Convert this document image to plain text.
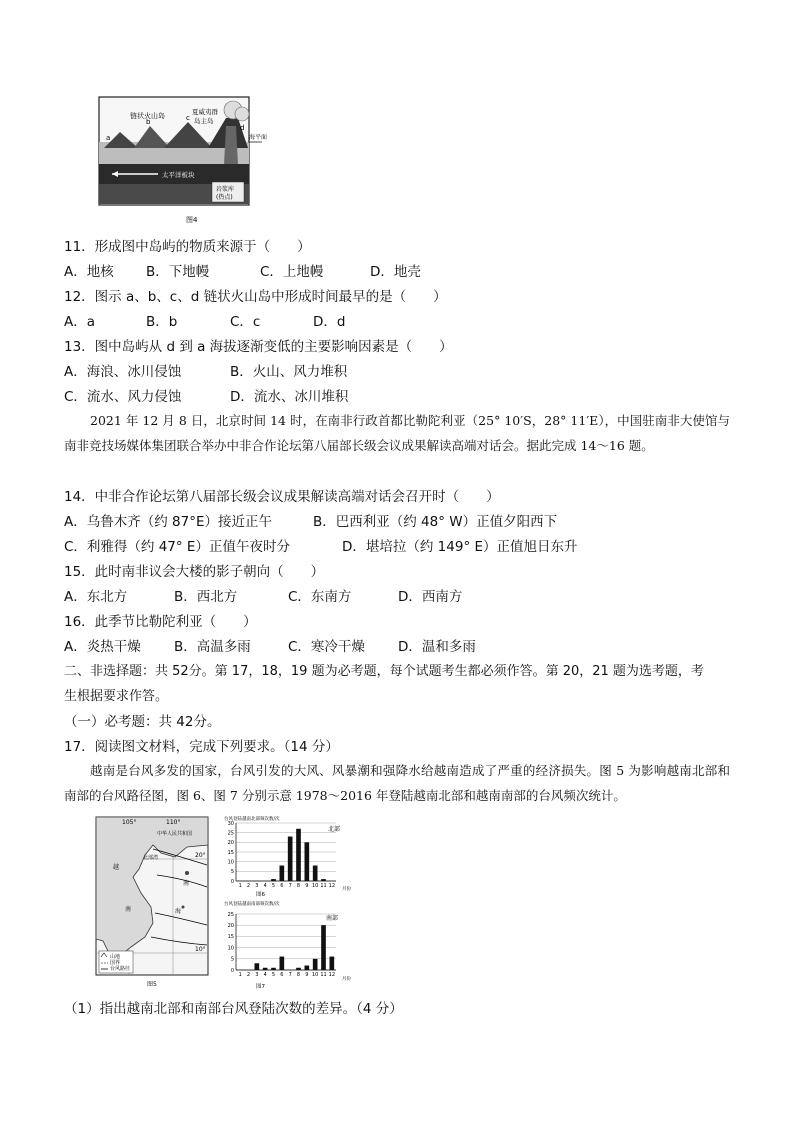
海平面
链状火山岛	夏威夷群
岛主岛
a
b	c
d
太平洋板块
岩浆库
(热点)
图4
11．形成图中岛屿的物质来源于（　　）
A．地核 B．下地幔	C．上地幔	D．地壳
12．图示 a、b、c、d 链状火山岛中形成时间最早的是（　　）
A．a	B．b	C．c	D．d
13．图中岛屿从 d 到 a 海拔逐渐变低的主要影响因素是（　　）
A．海浪、冰川侵蚀	B．火山、风力堆积
C．流水、风力侵蚀	D．流水、冰川堆积
2021 年 12 月 8 日，北京时间 14 时，在南非行政首都比勒陀利亚（25° 10′S，28° 11′E），中国驻南非大使馆与南非竞技场媒体集团联合举办中非合作论坛第八届部长级会议成果解读高端对话会。据此完成 14～16 题。
14．中非合作论坛第八届部长级会议成果解读高端对话会召开时（　　）
A．乌鲁木齐（约 87°E）接近正午	B．巴西利亚（约 48° W）正值夕阳西下
C．利雅得（约 47° E）正值午夜时分	D．堪培拉（约 149° E）正值旭日东升
15．此时南非议会大楼的影子朝向（　　）
A．东北方	B．西北方	C．东南方	D．西南方
16．此季节比勒陀利亚（　　）
A．炎热干燥 B．高温多雨	C．寒冷干燥 D．温和多雨
二、非选择题：共 52分。第 17，18，19 题为必考题，每个试题考生都必须作答。第 20，21 题为选考题，考
生根据要求作答。
（一）必考题：共 42分。
17．阅读图文材料，完成下列要求。（14 分）
越南是台风多发的国家，台风引发的大风、风暴潮和强降水给越南造成了严重的经济损失。图 5 为影响越南北部和南部的台风路径图，图 6、图 7 分别示意 1978～2016 年登陆越南北部和越南南部的台风频次统计。
105°	110°
20°
10°
中华人民共和国
北部湾
越
南
南
海
山地
国界
台风路径
图5
台风登陆越南北部频次数/次
北部
月份
图6
0
5
10
15
20
25
30
1 2 3 4 5 6 7 8 9 10 11 12
台风登陆越南南部频次数/次
南部
月份
图7
0
5
10
15
20
25
1 2 3 4 5 6 7 8 9 10 11 12
（1）指出越南北部和南部台风登陆次数的差异。（4 分）
